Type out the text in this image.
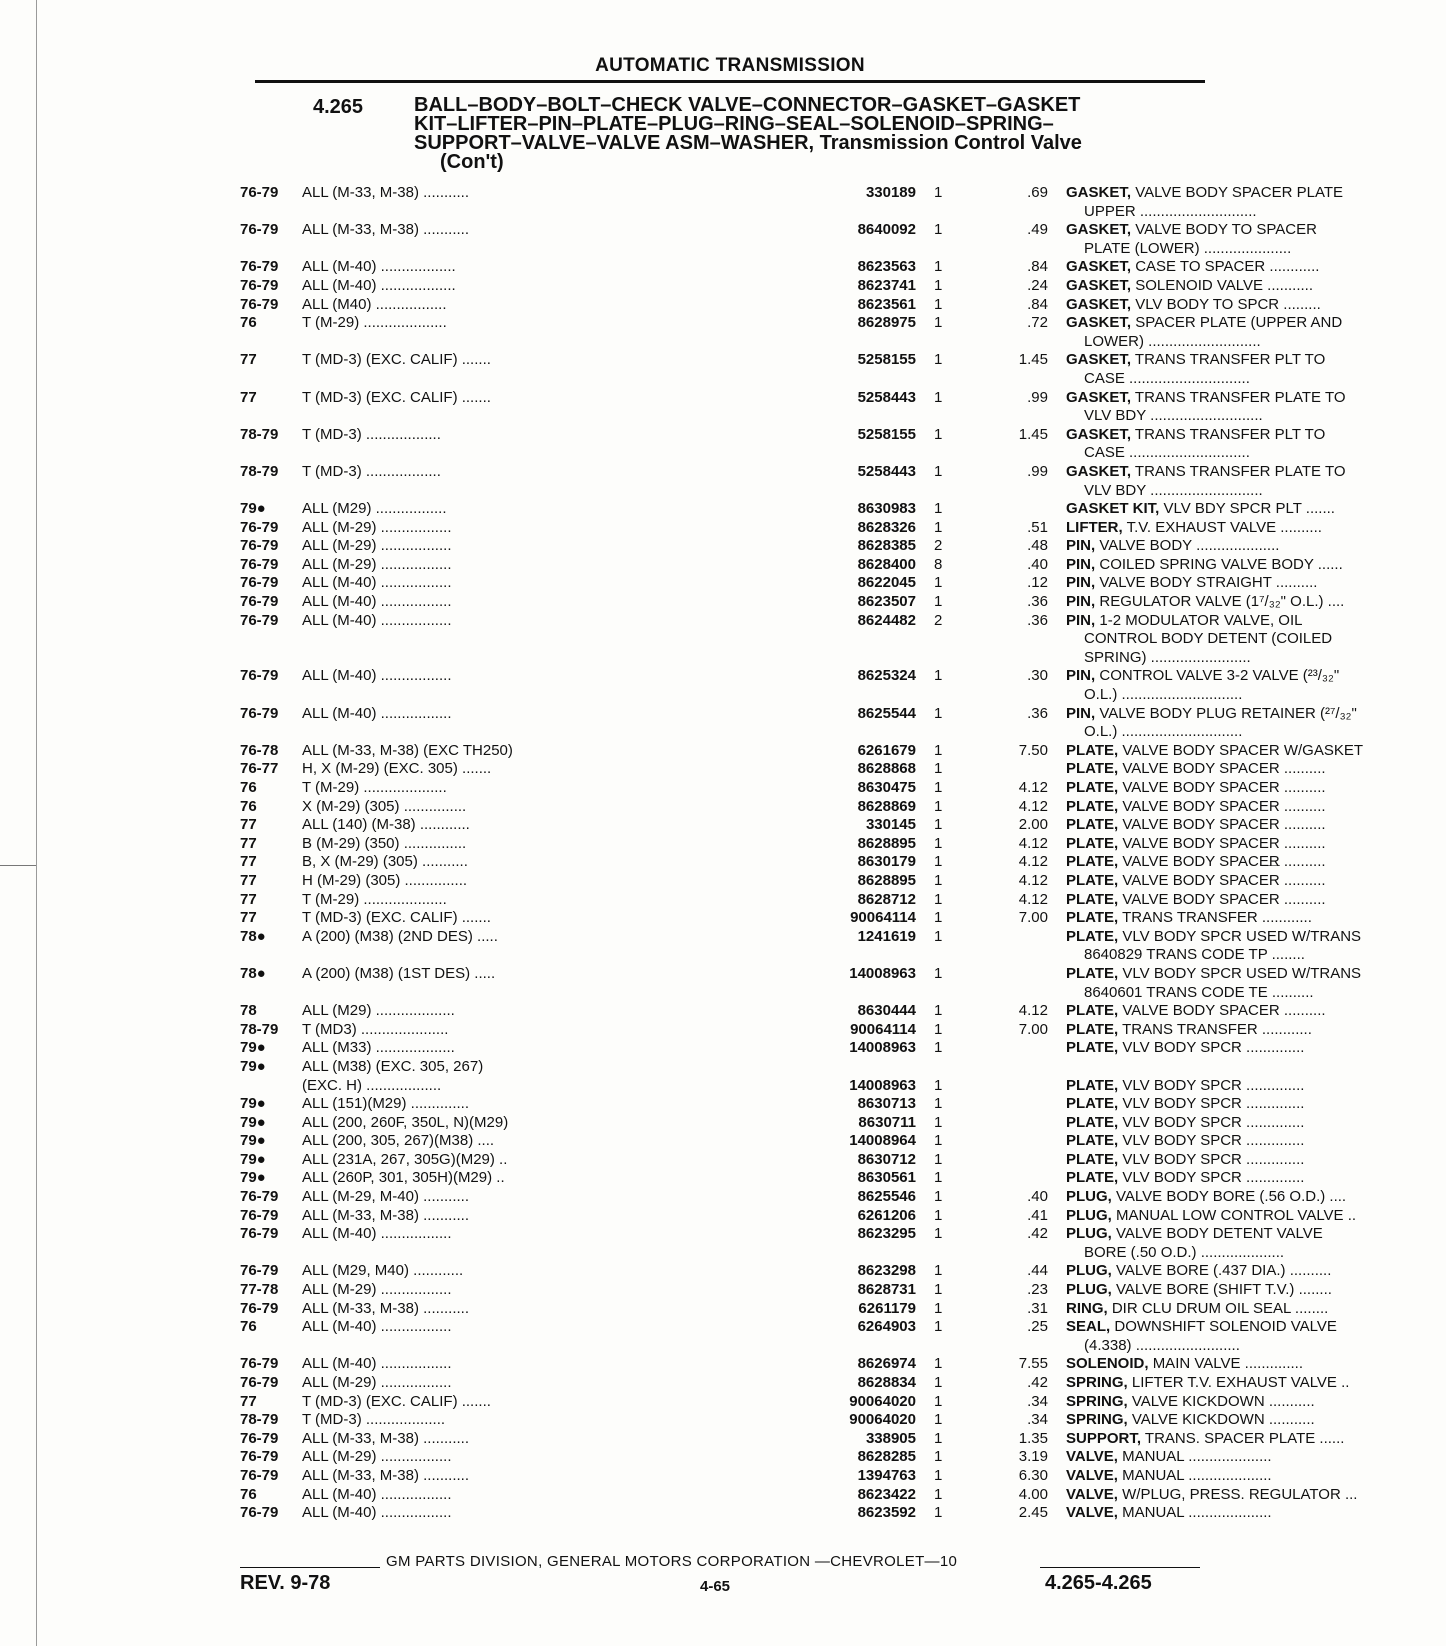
AUTOMATIC TRANSMISSION
4.265	BALL–BODY–BOLT–CHECK VALVE–CONNECTOR–GASKET–GASKET
KIT–LIFTER–PIN–PLATE–PLUG–RING–SEAL–SOLENOID–SPRING–
SUPPORT–VALVE–VALVE ASM–WASHER, Transmission Control Valve
(Con't)
76-79	ALL (M-33, M-38) ...........	330189 1	.69 GASKET, VALVE BODY SPACER PLATE
UPPER ............................
76-79	ALL (M-33, M-38) ...........	8640092 1	.49 GASKET, VALVE BODY TO SPACER
PLATE (LOWER) .....................
76-79	ALL (M-40) ..................	8623563 1	.84 GASKET, CASE TO SPACER ............
76-79	ALL (M-40) ..................	8623741 1	.24 GASKET, SOLENOID VALVE ...........
76-79	ALL (M40) .................	8623561 1	.84 GASKET, VLV BODY TO SPCR .........
76	T (M-29) ....................	8628975 1	.72 GASKET, SPACER PLATE (UPPER AND
LOWER) ...........................
77	T (MD-3) (EXC. CALIF) .......	5258155 1	1.45 GASKET, TRANS TRANSFER PLT TO
CASE .............................
77	T (MD-3) (EXC. CALIF) .......	5258443 1	.99 GASKET, TRANS TRANSFER PLATE TO
VLV BDY ...........................
78-79	T (MD-3) ..................	5258155 1	1.45 GASKET, TRANS TRANSFER PLT TO
CASE .............................
78-79	T (MD-3) ..................	5258443 1	.99 GASKET, TRANS TRANSFER PLATE TO
VLV BDY ...........................
79●	ALL (M29) .................	8630983 1	GASKET KIT, VLV BDY SPCR PLT .......
76-79	ALL (M-29) .................	8628326 1	.51 LIFTER, T.V. EXHAUST VALVE ..........
76-79	ALL (M-29) .................	8628385 2	.48 PIN, VALVE BODY ....................
76-79	ALL (M-29) .................	8628400 8	.40 PIN, COILED SPRING VALVE BODY ......
76-79	ALL (M-40) .................	8622045 1	.12 PIN, VALVE BODY STRAIGHT ..........
76-79	ALL (M-40) .................	8623507 1	.36 PIN, REGULATOR VALVE (1⁷/₃₂" O.L.) ....
76-79	ALL (M-40) .................	8624482 2	.36 PIN, 1-2 MODULATOR VALVE, OIL
CONTROL BODY DETENT (COILED
SPRING) ........................
76-79	ALL (M-40) .................	8625324 1	.30 PIN, CONTROL VALVE 3-2 VALVE (²³/₃₂"
O.L.) .............................
76-79	ALL (M-40) .................	8625544 1	.36 PIN, VALVE BODY PLUG RETAINER (²⁷/₃₂"
O.L.) .............................
76-78	ALL (M-33, M-38) (EXC TH250)	6261679 1	7.50 PLATE, VALVE BODY SPACER W/GASKET
76-77	H, X (M-29) (EXC. 305) .......	8628868 1	PLATE, VALVE BODY SPACER ..........
76	T (M-29) ....................	8630475 1	4.12 PLATE, VALVE BODY SPACER ..........
76	X (M-29) (305) ...............	8628869 1	4.12 PLATE, VALVE BODY SPACER ..........
77	ALL (140) (M-38) ............	330145 1	2.00 PLATE, VALVE BODY SPACER ..........
77	B (M-29) (350) ...............	8628895 1	4.12 PLATE, VALVE BODY SPACER ..........
77	B, X (M-29) (305) ...........	8630179 1	4.12 PLATE, VALVE BODY SPACER ..........
77	H (M-29) (305) ...............	8628895 1	4.12 PLATE, VALVE BODY SPACER ..........
77	T (M-29) ....................	8628712 1	4.12 PLATE, VALVE BODY SPACER ..........
77	T (MD-3) (EXC. CALIF) .......	90064114 1	7.00 PLATE, TRANS TRANSFER ............
78●	A (200) (M38) (2ND DES) .....	1241619 1	PLATE, VLV BODY SPCR USED W/TRANS
8640829 TRANS CODE TP ........
78●	A (200) (M38) (1ST DES) .....	14008963 1	PLATE, VLV BODY SPCR USED W/TRANS
8640601 TRANS CODE TE ..........
78	ALL (M29) ...................	8630444 1	4.12 PLATE, VALVE BODY SPACER ..........
78-79	T (MD3) .....................	90064114 1	7.00 PLATE, TRANS TRANSFER ............
79●	ALL (M33) ...................	14008963 1	PLATE, VLV BODY SPCR ..............
79●	ALL (M38) (EXC. 305, 267)
(EXC. H) ..................	14008963 1	PLATE, VLV BODY SPCR ..............
79●	ALL (151)(M29) ..............	8630713 1	PLATE, VLV BODY SPCR ..............
79●	ALL (200, 260F, 350L, N)(M29)	8630711 1	PLATE, VLV BODY SPCR ..............
79●	ALL (200, 305, 267)(M38) ....	14008964 1	PLATE, VLV BODY SPCR ..............
79●	ALL (231A, 267, 305G)(M29) ..	8630712 1	PLATE, VLV BODY SPCR ..............
79●	ALL (260P, 301, 305H)(M29) ..	8630561 1	PLATE, VLV BODY SPCR ..............
76-79	ALL (M-29, M-40) ...........	8625546 1	.40 PLUG, VALVE BODY BORE (.56 O.D.) ....
76-79	ALL (M-33, M-38) ...........	6261206 1	.41 PLUG, MANUAL LOW CONTROL VALVE ..
76-79	ALL (M-40) .................	8623295 1	.42 PLUG, VALVE BODY DETENT VALVE
BORE (.50 O.D.) ....................
76-79	ALL (M29, M40) ............	8623298 1	.44 PLUG, VALVE BORE (.437 DIA.) ..........
77-78	ALL (M-29) .................	8628731 1	.23 PLUG, VALVE BORE (SHIFT T.V.) ........
76-79	ALL (M-33, M-38) ...........	6261179 1	.31 RING, DIR CLU DRUM OIL SEAL ........
76	ALL (M-40) .................	6264903 1	.25 SEAL, DOWNSHIFT SOLENOID VALVE
(4.338) .........................
76-79	ALL (M-40) .................	8626974 1	7.55 SOLENOID, MAIN VALVE ..............
76-79	ALL (M-29) .................	8628834 1	.42 SPRING, LIFTER T.V. EXHAUST VALVE ..
77	T (MD-3) (EXC. CALIF) .......	90064020 1	.34 SPRING, VALVE KICKDOWN ...........
78-79	T (MD-3) ...................	90064020 1	.34 SPRING, VALVE KICKDOWN ...........
76-79	ALL (M-33, M-38) ...........	338905 1	1.35 SUPPORT, TRANS. SPACER PLATE ......
76-79	ALL (M-29) .................	8628285 1	3.19 VALVE, MANUAL ....................
76-79	ALL (M-33, M-38) ...........	1394763 1	6.30 VALVE, MANUAL ....................
76	ALL (M-40) .................	8623422 1	4.00 VALVE, W/PLUG, PRESS. REGULATOR ...
76-79	ALL (M-40) .................	8623592 1	2.45 VALVE, MANUAL ....................
GM PARTS DIVISION, GENERAL MOTORS CORPORATION —CHEVROLET—10
REV. 9-78	4-65	4.265-4.265
